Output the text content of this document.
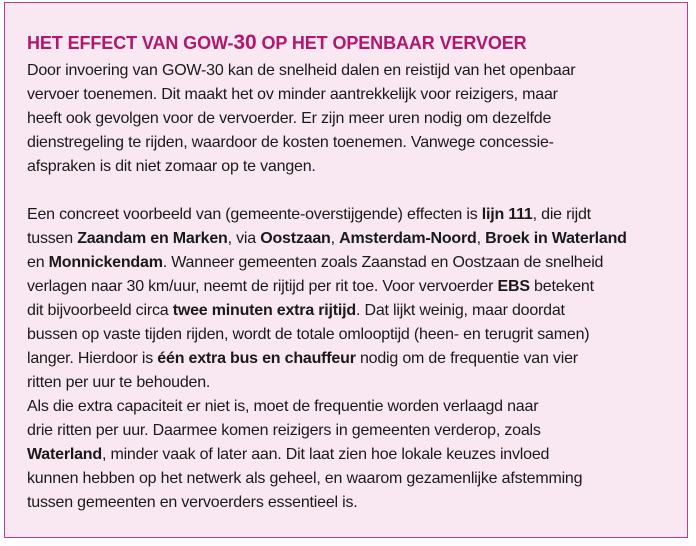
HET EFFECT VAN GOW-30 OP HET OPENBAAR VERVOER
Door invoering van GOW-30 kan de snelheid dalen en reistijd van het openbaar
vervoer toenemen. Dit maakt het ov minder aantrekkelijk voor reizigers, maar
heeft ook gevolgen voor de vervoerder. Er zijn meer uren nodig om dezelfde
dienstregeling te rijden, waardoor de kosten toenemen. Vanwege concessie-
afspraken is dit niet zomaar op te vangen.
Een concreet voorbeeld van (gemeente-overstijgende) effecten is lijn 111, die rijdt
tussen Zaandam en Marken, via Oostzaan, Amsterdam-Noord, Broek in Waterland
en Monnickendam. Wanneer gemeenten zoals Zaanstad en Oostzaan de snelheid
verlagen naar 30 km/uur, neemt de rijtijd per rit toe. Voor vervoerder EBS betekent
dit bijvoorbeeld circa twee minuten extra rijtijd. Dat lijkt weinig, maar doordat
bussen op vaste tijden rijden, wordt de totale omlooptijd (heen- en terugrit samen)
langer. Hierdoor is één extra bus en chauffeur nodig om de frequentie van vier
ritten per uur te behouden.
Als die extra capaciteit er niet is, moet de frequentie worden verlaagd naar
drie ritten per uur. Daarmee komen reizigers in gemeenten verderop, zoals
Waterland, minder vaak of later aan. Dit laat zien hoe lokale keuzes invloed
kunnen hebben op het netwerk als geheel, en waarom gezamenlijke afstemming
tussen gemeenten en vervoerders essentieel is.
